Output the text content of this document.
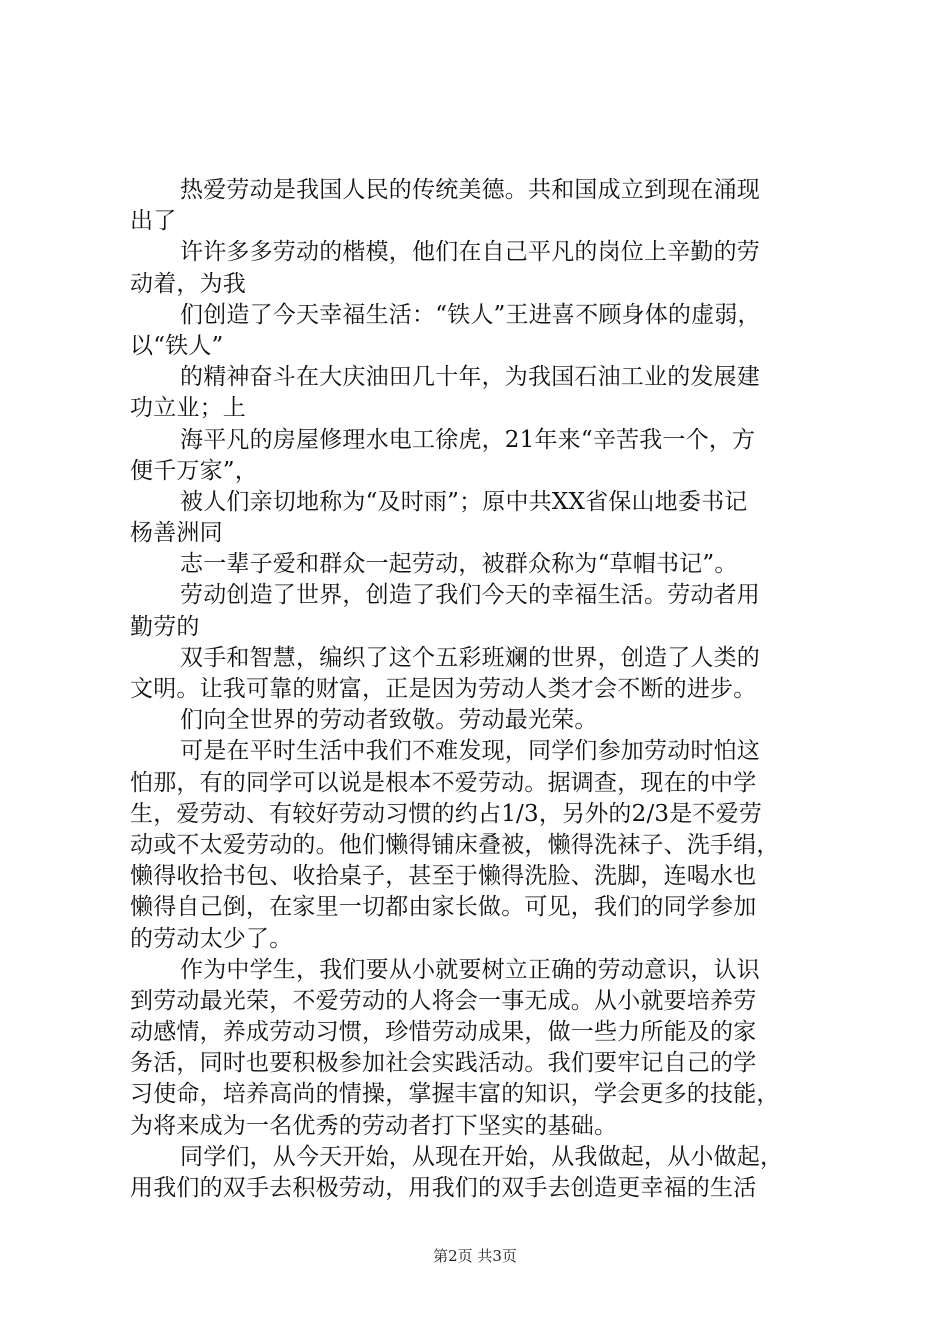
热爱劳动是我国人民的传统美德。共和国成立到现在涌现
出了
许许多多劳动的楷模，他们在自己平凡的岗位上辛勤的劳
动着，为我
们创造了今天幸福生活：“铁人”王进喜不顾身体的虚弱，
以“铁人”
的精神奋斗在大庆油田几十年，为我国石油工业的发展建
功立业；上
海平凡的房屋修理水电工徐虎，21年来“辛苦我一个，方
便千万家”，
被人们亲切地称为“及时雨”；原中共XX省保山地委书记
杨善洲同
志一辈子爱和群众一起劳动，被群众称为“草帽书记”。
劳动创造了世界，创造了我们今天的幸福生活。劳动者用
勤劳的
双手和智慧，编织了这个五彩班斓的世界，创造了人类的
文明。让我可靠的财富，正是因为劳动人类才会不断的进步。
们向全世界的劳动者致敬。劳动最光荣。
可是在平时生活中我们不难发现，同学们参加劳动时怕这
怕那，有的同学可以说是根本不爱劳动。据调查，现在的中学
生，爱劳动、有较好劳动习惯的约占1/3，另外的2/3是不爱劳
动或不太爱劳动的。他们懒得铺床叠被，懒得洗袜子、洗手绢，
懒得收拾书包、收拾桌子，甚至于懒得洗脸、洗脚，连喝水也
懒得自己倒，在家里一切都由家长做。可见，我们的同学参加
的劳动太少了。
作为中学生，我们要从小就要树立正确的劳动意识，认识
到劳动最光荣，不爱劳动的人将会一事无成。从小就要培养劳
动感情，养成劳动习惯，珍惜劳动成果，做一些力所能及的家
务活，同时也要积极参加社会实践活动。我们要牢记自己的学
习使命，培养高尚的情操，掌握丰富的知识，学会更多的技能，
为将来成为一名优秀的劳动者打下坚实的基础。
同学们，从今天开始，从现在开始，从我做起，从小做起，
用我们的双手去积极劳动，用我们的双手去创造更幸福的生活
第2页 共3页
